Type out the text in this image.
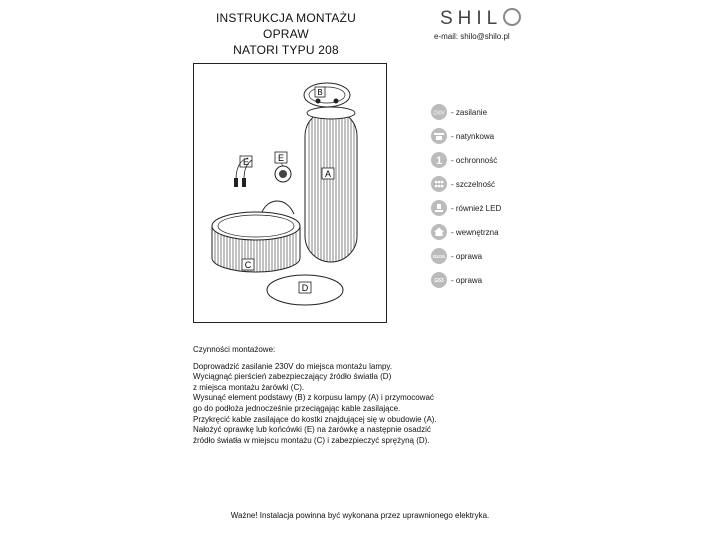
INSTRUKCJA MONTAŻU OPRAW
NATORI TYPU 208
SHIL
e-mail: shilo@shilo.pl
B
A
C
D
E	E
230V - zasilanie
- natynkowa
1 - ochronność
- szczelność
- również LED
- wewnętrzna
GU10 - oprawa
G53 - oprawa

Czynności montażowe:

Doprowadzić zasilanie 230V do miejsca montażu lampy.

Wyciągnąć pierścień zabezpieczający źródło światła (D)

z miejsca montażu żarówki (C).

Wysunąć element podstawy (B) z korpusu lampy (A) i przymocować

go do podłoża jednocześnie przeciągając kable zasilające.

Przykręcić kable zasilające do kostki znajdującej się w obudowie (A).

Nałożyć oprawkę lub końcówki (E) na żarówkę a następnie osadzić

źródło światła w miejscu montażu (C) i zabezpieczyć sprężyną (D).

Ważne! Instalacja powinna być wykonana przez uprawnionego elektryka.
